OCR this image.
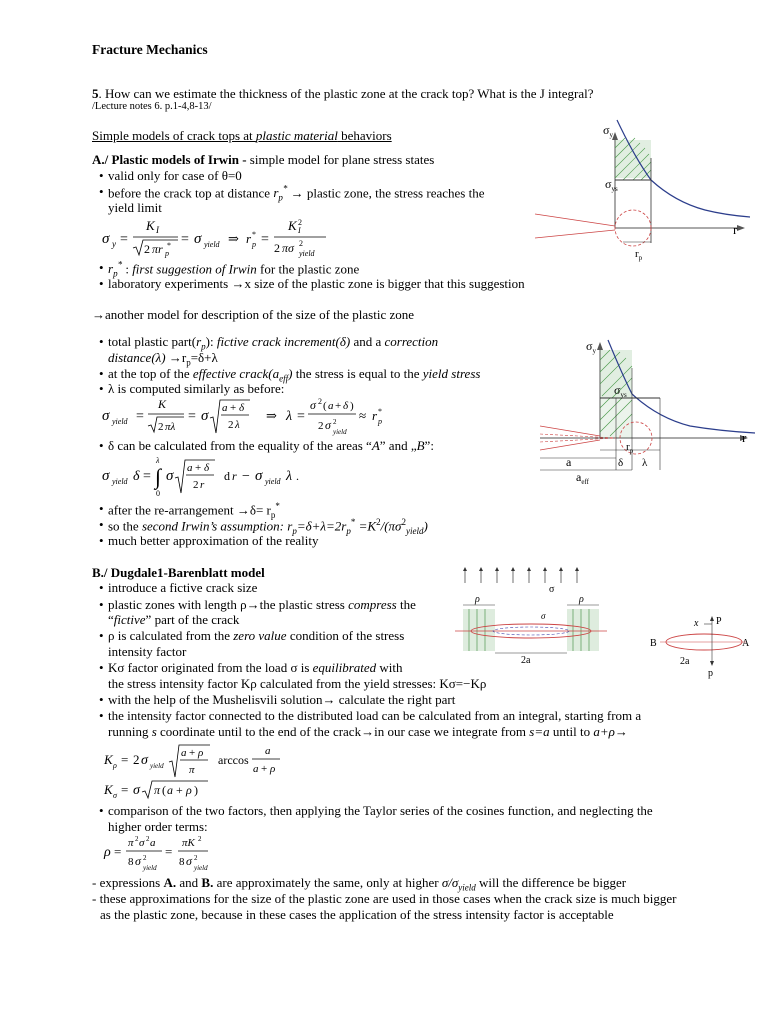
Fracture Mechanics
5. How can we estimate the thickness of the plastic zone at the crack top? What is the J integral?
/Lecture notes 6. p.1-4,8-13/
Simple models of crack tops at plastic material behaviors
A./ Plastic models of Irwin - simple model for plane stress states
• valid only for case of θ=0
• before the crack top at distance $r_p^*$ → plastic zone, the stress reaches the
yield limit
σ y =
K I
2 πr p
* = σ yield ⇒ r p
* =
K I
2
2 πσ 2
yield
• $r_p^*$ : first suggestion of Irwin for the plastic zone
• laboratory experiments →x size of the plastic zone is bigger that this suggestion
→another model for description of the size of the plastic zone
• total plastic $part(r_p)$: fictive crack increment(δ) and a correction
distance(λ) $\to r_p=\delta+\lambda$
• at the top of the effective $crack(a_{eff})$ the stress is equal to the yield stress
• λ is computed similarly as before:
σ yield =
K
2 πλ
= σ a + δ
2 λ
⇒ λ =
σ 2 ( a + δ )
2 σ 2
yield
≈ r p
*
• δ can be calculated from the equality of the areas “A” and „B”:
σ yield δ = ∫
λ
0
σ a + δ
2 r
d r − σ yield λ .
• after the re-arrangement $\to\delta= r_p^*$
• so the second Irwin’s assumption: $r_p=\delta+\lambda=2r_p^* =K^2/(\pi\sigma^2_{yield})$
• much better approximation of the reality
B./ Dugdale1-Barenblatt model
• introduce a fictive crack size
• plastic zones with length ρ→the plastic stress compress the
“fictive” part of the crack
• ρ is calculated from the zero value condition of the stress
intensity factor
• Kσ factor originated from the load σ is equilibrated with
the stress intensity factor Kρ calculated from the yield stresses: Kσ=−Kρ
• with the help of the Mushelisvili solution→ calculate the right part
• the intensity factor connected to the distributed load can be calculated from an integral, starting from a
running s coordinate until to the end of the crack→in our case we integrate from s=a until to a+ρ→
K ρ = 2 σ yield
a + ρ
π
arccos
a
a + ρ
K σ = σ π ( a + ρ )
• comparison of the two factors, then applying the Taylor series of the cosines function, and neglecting the
higher order terms:
ρ =
π 2 σ 2 a
8 σ 2
yield
=
πK 2
8 σ 2
yield
- expressions A. and B. are approximately the same, only at higher $\sigma/\sigma_{yield}$ will the difference be bigger
- these approximations for the size of the plastic zone are used in those cases when the crack size is much bigger
as the plastic zone, because in these cases the application of the stress intensity factor is acceptable
$\sigma_y$
$\sigma_{ys}$
r
$r_p$
$\sigma_y$
$\sigma_{ys}$
r
$r_p$
a	δ λ
$a_{eff}$
σ
ρ	ρ
σ
2a
x P
B	A
2a
p
